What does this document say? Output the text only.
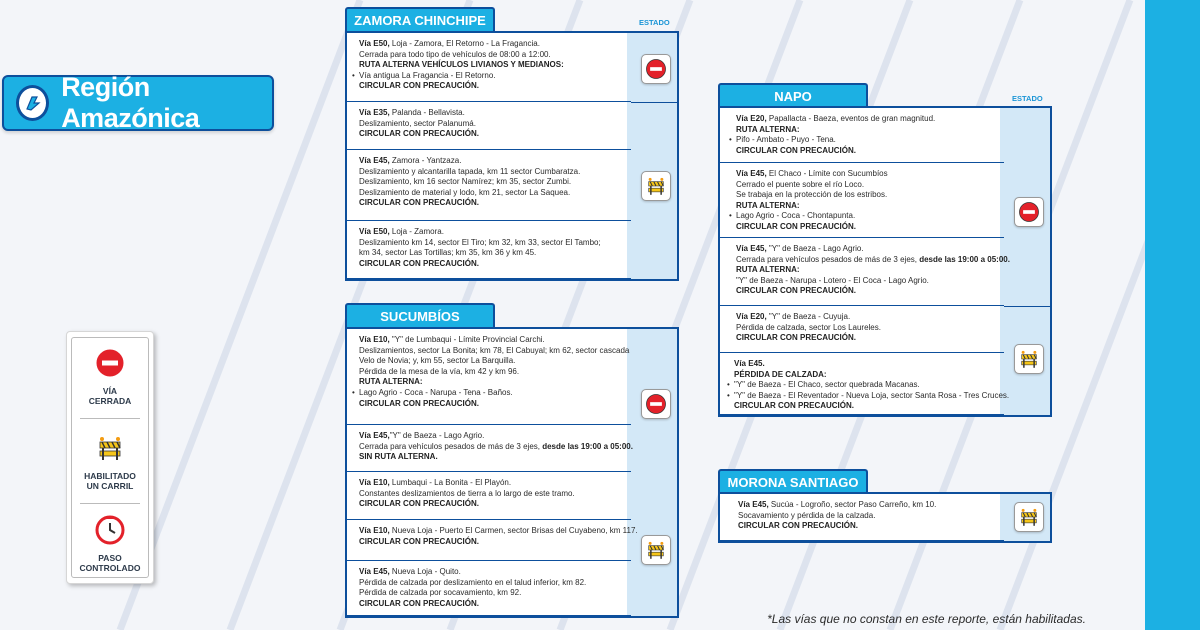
Región Amazónica
VÍA
CERRADA
HABILITADO
UN CARRIL
PASO
CONTROLADO
ZAMORA CHINCHIPE	ESTADO
Vía E50, Loja - Zamora, El Retorno - La Fragancia.
Cerrada para todo tipo de vehículos de 08:00 a 12:00.
RUTA ALTERNA VEHÍCULOS LIVIANOS Y MEDIANOS:
• Vía antigua La Fragancia - El Retorno.
CIRCULAR CON PRECAUCIÓN.
Vía E35, Palanda - Bellavista.
Deslizamiento, sector Palanumá.
CIRCULAR CON PRECAUCIÓN.
Vía E45, Zamora - Yantzaza.
Deslizamiento y alcantarilla tapada, km 11 sector Cumbaratza.
Deslizamiento, km 16 sector Namírez; km 35, sector Zumbi.
Deslizamiento de material y lodo, km 21, sector La Saquea.
CIRCULAR CON PRECAUCIÓN.
Vía E50, Loja - Zamora.
Deslizamiento km 14, sector El Tiro; km 32, km 33, sector El Tambo;
km 34, sector Las Tortillas; km 35, km 36 y km 45.
CIRCULAR CON PRECAUCIÓN.
SUCUMBÍOS
Vía E10, "Y" de Lumbaqui - Límite Provincial Carchi.
Deslizamientos, sector La Bonita; km 78, El Cabuyal; km 62, sector cascada
Velo de Novia; y, km 55, sector La Barquilla.
Pérdida de la mesa de la vía, km 42 y km 96.
RUTA ALTERNA:
• Lago Agrio - Coca - Narupa - Tena - Baños.
CIRCULAR CON PRECAUCIÓN.
Vía E45,"Y" de Baeza - Lago Agrio.
Cerrada para vehículos pesados de más de 3 ejes, desde las 19:00 a 05:00.
SIN RUTA ALTERNA.
Vía E10, Lumbaqui - La Bonita - El Playón.
Constantes deslizamientos de tierra a lo largo de este tramo.
CIRCULAR CON PRECAUCIÓN.
Vía E10, Nueva Loja - Puerto El Carmen, sector Brisas del Cuyabeno, km 117.
CIRCULAR CON PRECAUCIÓN.
Vía E45, Nueva Loja - Quito.
Pérdida de calzada por deslizamiento en el talud inferior, km 82.
Pérdida de calzada por socavamiento, km 92.
CIRCULAR CON PRECAUCIÓN.
NAPO	ESTADO
Vía E20, Papallacta - Baeza, eventos de gran magnitud.
RUTA ALTERNA:
• Pifo - Ambato - Puyo - Tena.
CIRCULAR CON PRECAUCIÓN.
Vía E45, El Chaco - Límite con Sucumbíos
Cerrado el puente sobre el río Loco.
Se trabaja en la protección de los estribos.
RUTA ALTERNA:
• Lago Agrio - Coca - Chontapunta.
CIRCULAR CON PRECAUCIÓN.
Vía E45, "Y" de Baeza - Lago Agrio.
Cerrada para vehículos pesados de más de 3 ejes, desde las 19:00 a 05:00.
RUTA ALTERNA:
"Y" de Baeza - Narupa - Lotero - El Coca - Lago Agrio.
CIRCULAR CON PRECAUCIÓN.
Vía E20, "Y" de Baeza - Cuyuja.
Pérdida de calzada, sector Los Laureles.
CIRCULAR CON PRECAUCIÓN.
Vía E45.
PÉRDIDA DE CALZADA:
• "Y" de Baeza - El Chaco, sector quebrada Macanas.
• "Y" de Baeza - El Reventador - Nueva Loja, sector Santa Rosa - Tres Cruces.
CIRCULAR CON PRECAUCIÓN.
MORONA SANTIAGO
Vía E45, Sucúa - Logroño, sector Paso Carreño, km 10.
Socavamiento y pérdida de la calzada.
CIRCULAR CON PRECAUCIÓN.
*Las vías que no constan en este reporte, están habilitadas.
